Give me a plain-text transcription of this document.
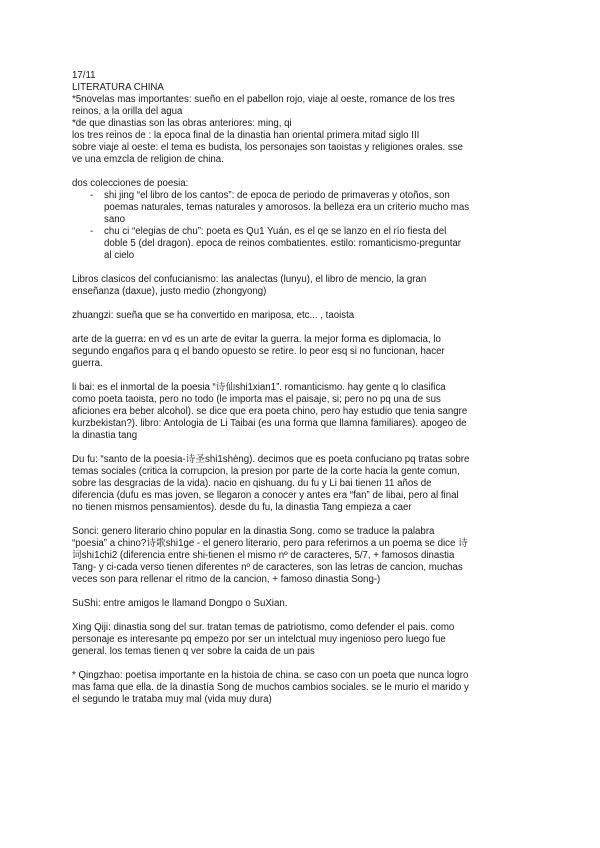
17/11
LITERATURA CHINA
*5novelas mas importantes: sueño en el pabellon rojo, viaje al oeste, romance de los tres
reinos, a la orilla del agua
*de que dinastias son las obras anteriores: ming, qi
los tres reinos de : la epoca final de la dinastia han oriental primera mitad siglo III
sobre viaje al oeste: el tema es budista, los personajes son taoistas y religiones orales. sse
ve una emzcla de religion de china.
dos colecciones de poesia:
-	shi jing “el libro de los cantos”: de epoca de periodo de primaveras y otoños, son
poemas naturales, temas naturales y amorosos. la belleza era un criterio mucho mas
sano
-	chu ci “elegias de chu”: poeta es Qu1 Yuán, es el qe se lanzo en el río fiesta del
doble 5 (del dragon). epoca de reinos combatientes. estilo: romanticismo-preguntar
al cielo
Libros clasicos del confucianismo: las analectas (lunyu), el libro de mencio, la gran
enseñanza (daxue), justo medio (zhongyong)
zhuangzi: sueña que se ha convertido en mariposa, etc... , taoista
arte de la guerra: en vd es un arte de evitar la guerra. la mejor forma es diplomacia, lo
segundo engaños para q el bando opuesto se retire. lo peor esq si no funcionan, hacer
guerra.
li bai: es el inmortal de la poesia “诗仙shi1xian1”. romanticismo. hay gente q lo clasifica
como poeta taoista, pero no todo (le importa mas el paisaje, si; pero no pq una de sus
aficiones era beber alcohol). se dice que era poeta chino, pero hay estudio que tenia sangre
kurzbekistan?). libro: Antologia de Li Taibai (es una forma que llamna familiares). apogeo de
la dinastia tang
Du fu: “santo de la poesia-诗圣shi1shèng). decimos que es poeta confuciano pq tratas sobre
temas sociales (critica la corrupcion, la presion por parte de la corte hacia la gente comun,
sobre las desgracias de la vida). nacio en qishuang. du fu y Li bai tienen 11 años de
diferencia (dufu es mas joven, se llegaron a conocer y antes era “fan” de libai, pero al final
no tienen mismos pensamientos). desde du fu, la dinastia Tang empieza a caer
Sonci: genero literario chino popular en la dinastia Song. como se traduce la palabra
“poesia” a chino?诗歌shi1ge - el genero literario, pero para referirnos a un poema se dice 诗
词shi1chi2 (diferencia entre shi-tienen el mismo nº de caracteres, 5/7, + famosos dinastia
Tang- y ci-cada verso tienen diferentes nº de caracteres, son las letras de cancion, muchas
veces son para rellenar el ritmo de la cancion, + famoso dinastia Song-)
SuShi: entre amigos le llamand Dongpo o SuXian.
Xing Qiji: dinastia song del sur. tratan temas de patriotismo, como defender el pais. como
personaje es interesante pq empezo por ser un intelctual muy ingenioso pero luego fue
general. los temas tienen q ver sobre la caida de un pais
* Qingzhao: poetisa importante en la histoia de china. se caso con un poeta que nunca logro
mas fama que ella. de la dinastía Song de muchos cambios sociales. se le murio el marido y
el segundo le trataba muy mal (vida muy dura)
